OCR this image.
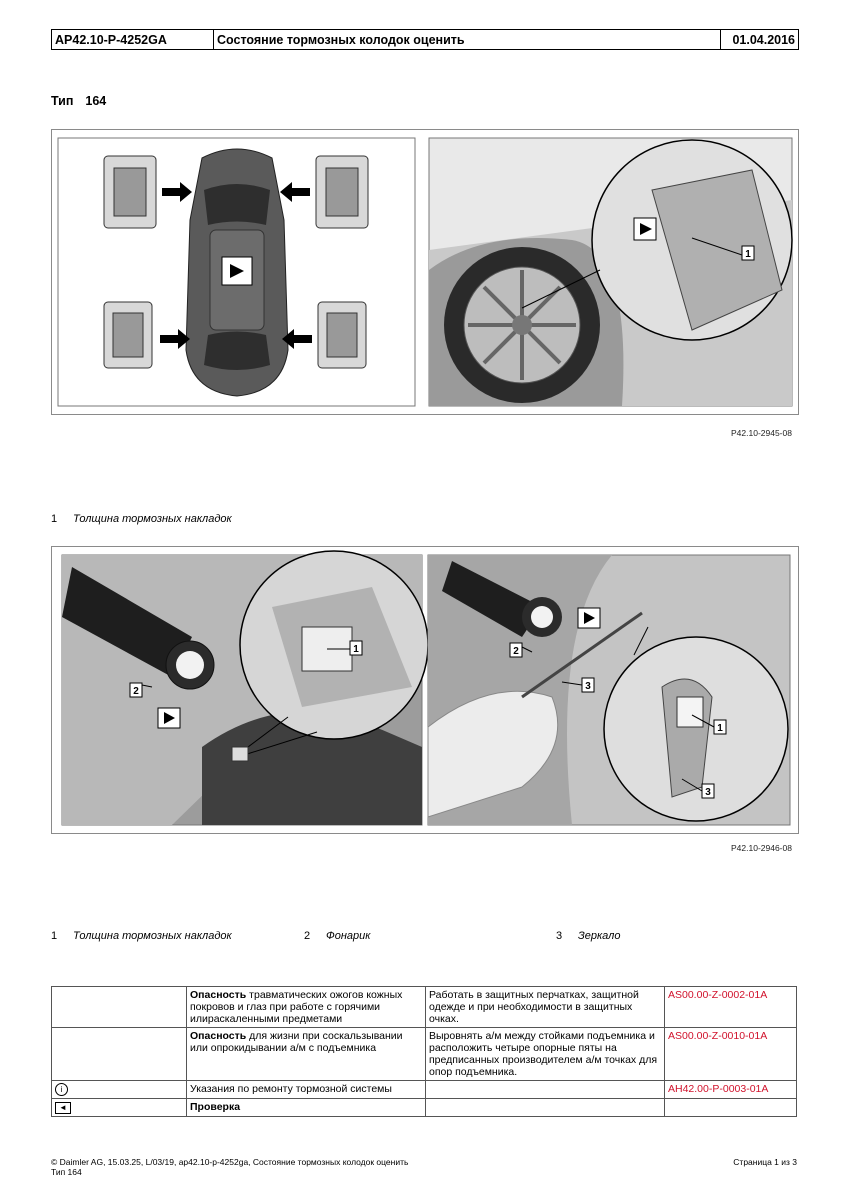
AP42.10-P-4252GA	Состояние тормозных колодок оценить	01.04.2016
Тип 164
1
P42.10-2945-08
1 Толщина тормозных накладок
1
2
1
2
3
3
P42.10-2946-08
1 Толщина тормозных накладок	2 Фонарик	3 Зеркало
	Опасность травматических ожогов кожных покровов и глаз при работе с горячими илираскаленными предметами	Работать в защитных перчатках, защитной одежде и при необходимости в защитных очках.	AS00.00-Z-0002-01A
	Опасность для жизни при соскальзывании или опрокидывании а/м с подъемника	Выровнять а/м между стойками подъемника и расположить четыре опорные пяты на предписанных производителем а/м точках для опор подъемника.	AS00.00-Z-0010-01A
i	Указания по ремонту тормозной системы		AH42.00-P-0003-01A
◄	Проверка		
© Daimler AG, 15.03.25, L/03/19, ap42.10-p-4252ga, Состояние тормозных колодок оценить
Тип 164
Страница 1 из 3
